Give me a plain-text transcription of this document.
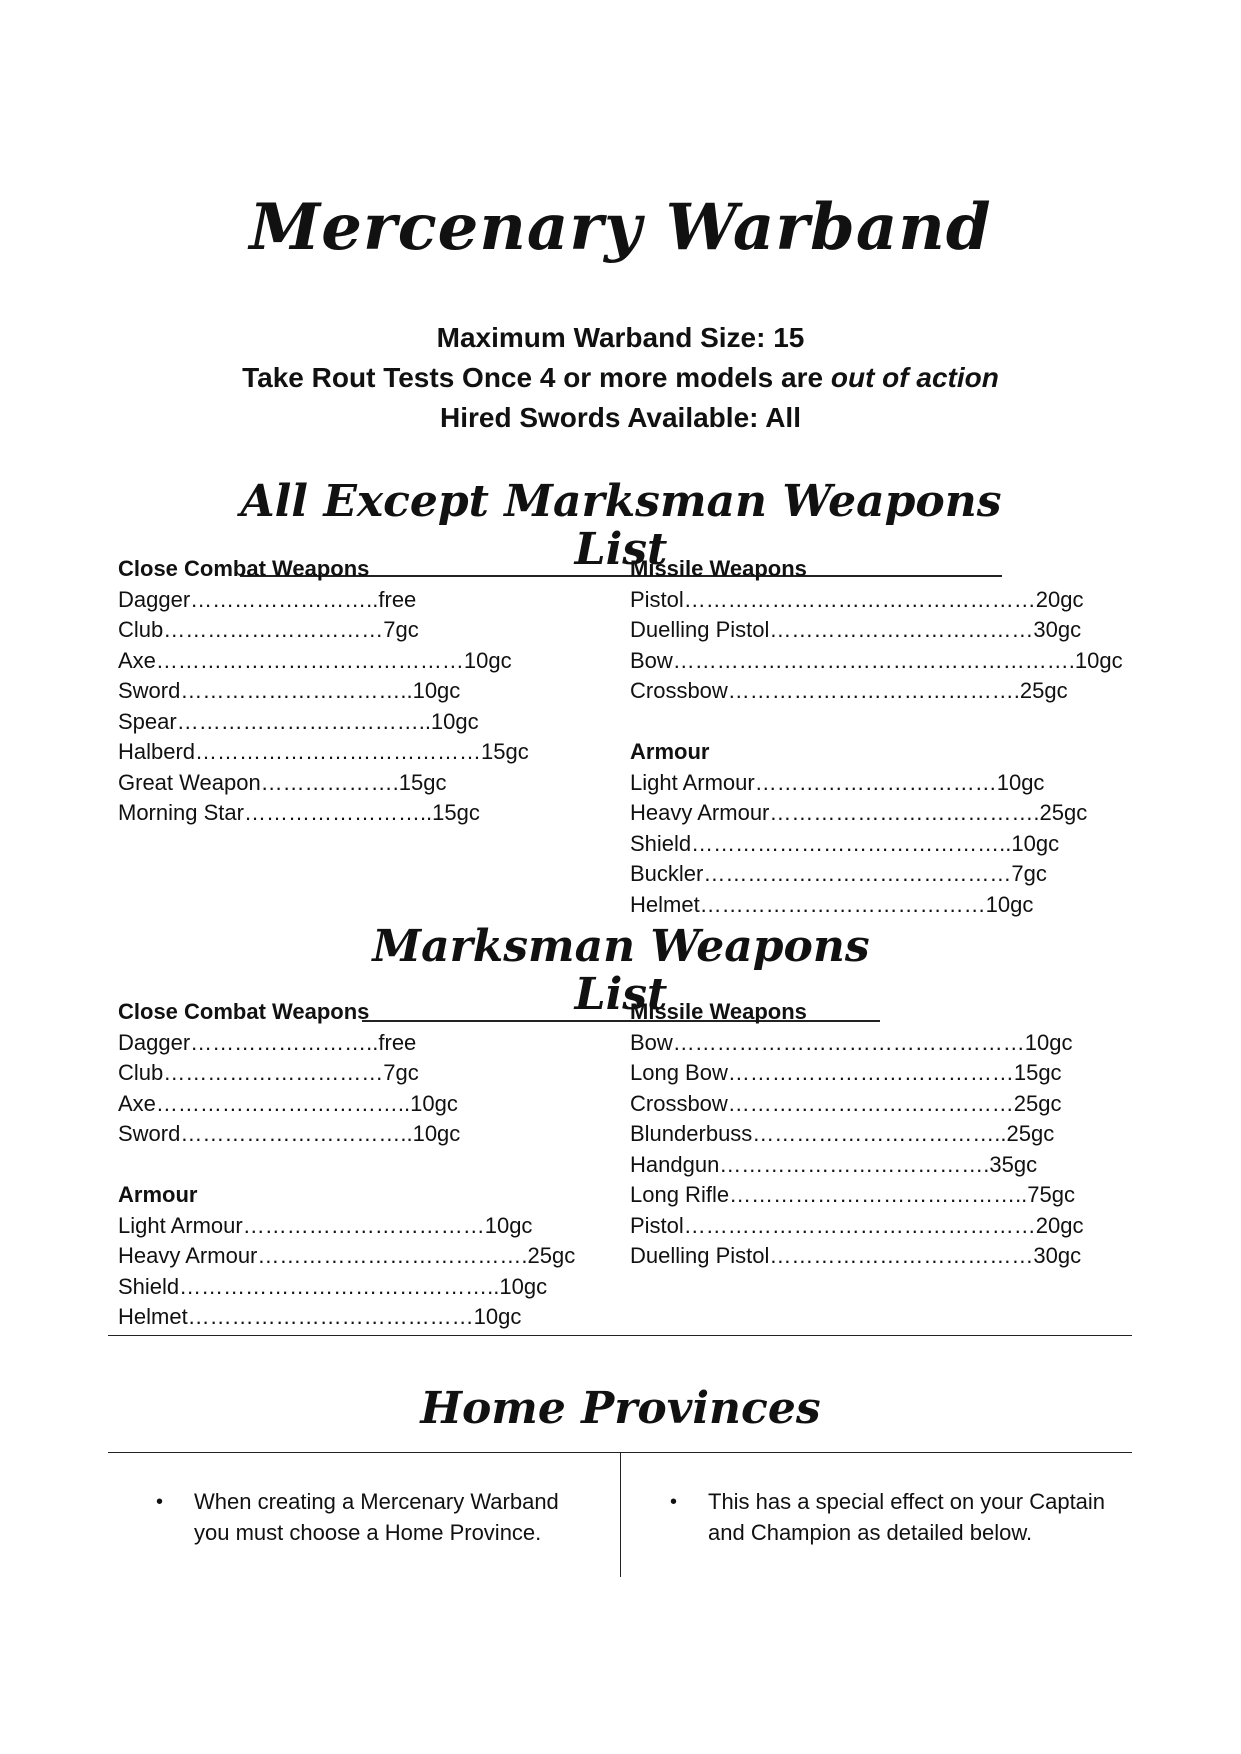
Mercenary Warband
Maximum Warband Size: 15
Take Rout Tests Once 4 or more models are out of action
Hired Swords Available: All
All Except Marksman Weapons List
Close Combat Weapons
Dagger……………………..free
Club…………………………7gc
Axe……………………………………10gc
Sword…………………………..10gc
Spear……………………………..10gc
Halberd…………………………………15gc
Great Weapon……………….15gc
Morning Star……………………..15gc
Missile Weapons
Pistol…………………………………………20gc
Duelling Pistol………………………………30gc
Bow……………………………………………….10gc
Crossbow………………………………….25gc
Armour
Light Armour……………………………10gc
Heavy Armour……………………………….25gc
Shield……………………………………..10gc
Buckler……………………………………7gc
Helmet…………………………………10gc
Marksman Weapons List
Close Combat Weapons
Dagger……………………..free
Club…………………………7gc
Axe……………………………..10gc
Sword…………………………..10gc
Armour
Light Armour……………………………10gc
Heavy Armour……………………………….25gc
Shield……………………………………..10gc
Helmet…………………………………10gc
Missile Weapons
Bow…………………………………………10gc
Long Bow…………………………………15gc
Crossbow…………………………………25gc
Blunderbuss……………………………..25gc
Handgun……………………………….35gc
Long Rifle…………………………………..75gc
Pistol…………………………………………20gc
Duelling Pistol………………………………30gc
Home Provinces
• When creating a Mercenary Warband
you must choose a Home Province.
• This has a special effect on your Captain
and Champion as detailed below.
